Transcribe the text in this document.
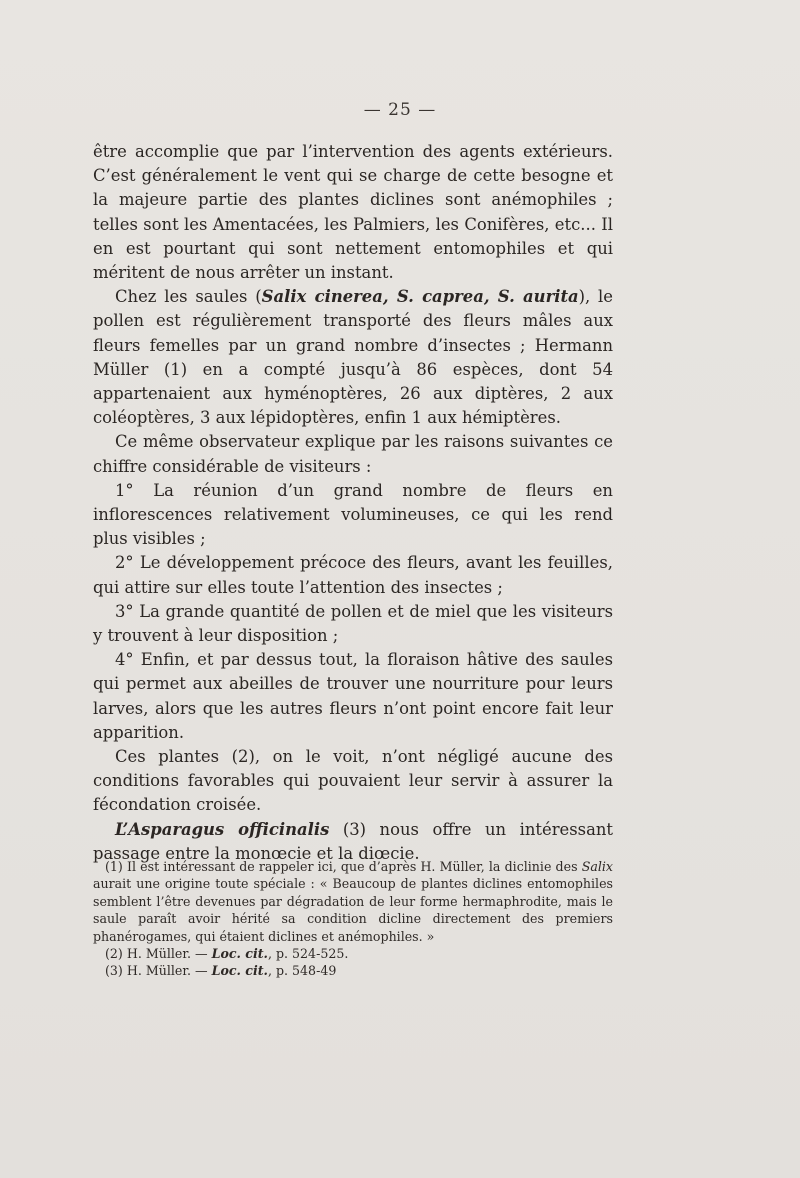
— 25 —

être accomplie que par l’intervention des agents extérieurs. C’est généralement le vent qui se charge de cette besogne et la majeure partie des plantes diclines sont anémophiles ; telles sont les Amentacées, les Palmiers, les Conifères, etc... Il en est pourtant qui sont nettement entomophiles et qui méritent de nous arrêter un instant.

Chez les saules (Salix cinerea, S. caprea, S. aurita), le pollen est régulièrement transporté des fleurs mâles aux fleurs femelles par un grand nombre d’insectes ; Hermann Müller (1) en a compté jusqu’à 86 espèces, dont 54 appartenaient aux hyménoptères, 26 aux diptères, 2 aux coléoptères, 3 aux lépidoptères, enfin 1 aux hémiptères.

Ce même observateur explique par les raisons suivantes ce chiffre considérable de visiteurs :

1° La réunion d’un grand nombre de fleurs en inflorescences relativement volumineuses, ce qui les rend plus visibles ;

2° Le développement précoce des fleurs, avant les feuilles, qui attire sur elles toute l’attention des insectes ;

3° La grande quantité de pollen et de miel que les visiteurs y trouvent à leur disposition ;

4° Enfin, et par dessus tout, la floraison hâtive des saules qui permet aux abeilles de trouver une nourriture pour leurs larves, alors que les autres fleurs n’ont point encore fait leur apparition.

Ces plantes (2), on le voit, n’ont négligé aucune des conditions favorables qui pouvaient leur servir à assurer la fécondation croisée.

L’Asparagus officinalis (3) nous offre un intéressant passage entre la monœcie et la diœcie.

(1) Il est intéressant de rappeler ici, que d’après H. Müller, la diclinie des Salix aurait une origine toute spéciale : « Beaucoup de plantes diclines entomophiles semblent l’être devenues par dégradation de leur forme hermaphrodite, mais le saule paraît avoir hérité sa condition dicline directement des premiers phanérogames, qui étaient diclines et anémophiles. »

(2) H. Müller. — Loc. cit., p. 524-525.

(3) H. Müller. — Loc. cit., p. 548-49
